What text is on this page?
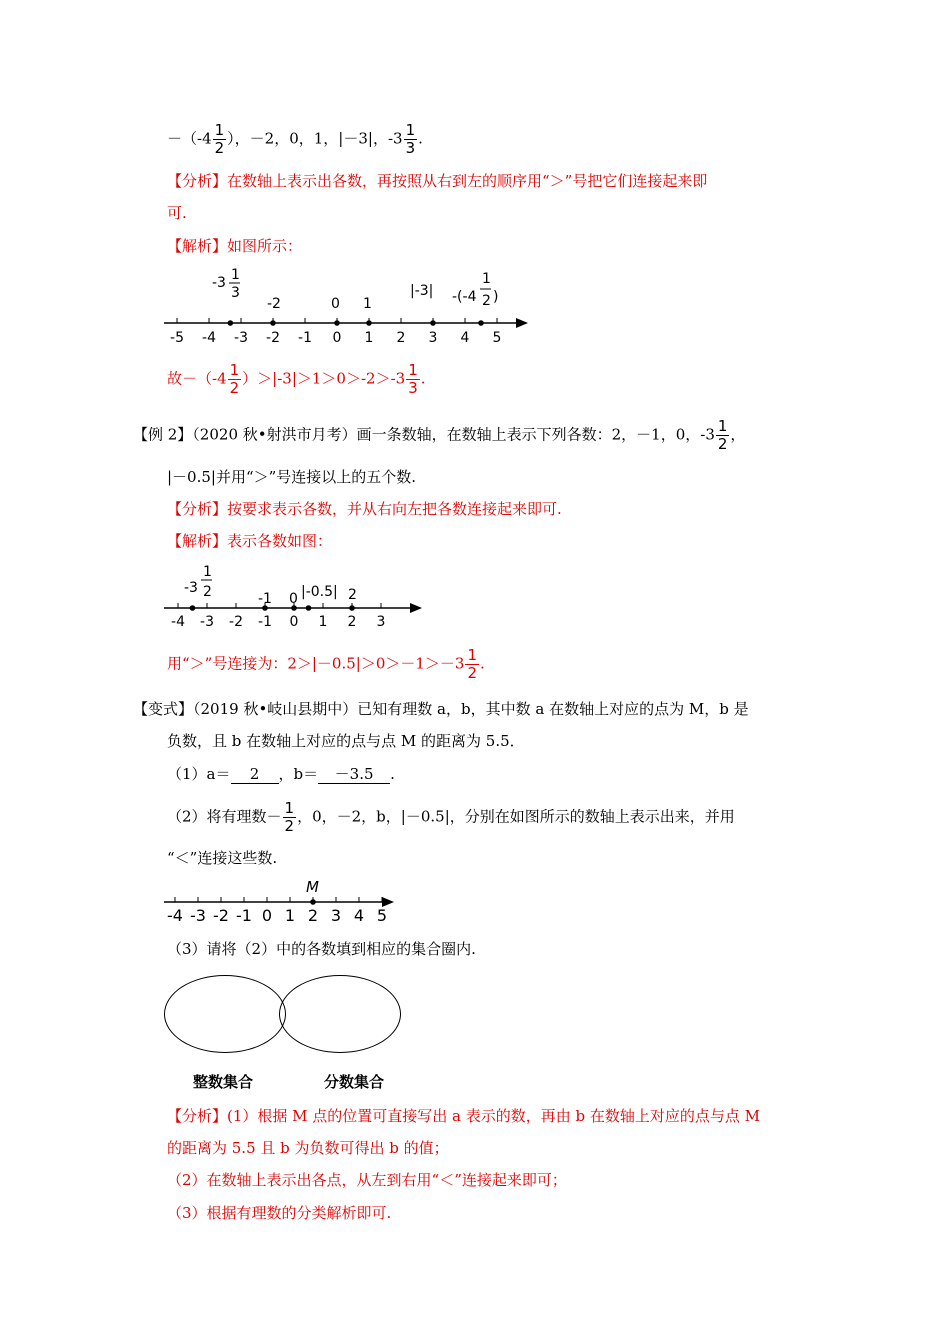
$-(-4 \frac{1}{2}$ ），－2，0，1，|－3|，$-3 \frac{1}{3}$ .
【分析】在数轴上表示出各数，再按照从右到左的顺序用“＞”号把它们连接起来即
可.
【解析】如图所示：
-5 -4 -3 -2 -1 0 1 2 3 4 5
-3 1
3
-2	0 1
|-3| -(-4
1
2 )
故$-(-4 \frac{1}{2} )>|-3|>1>0>-2>-3 \frac{1}{3}$ .
【例 2】（2020 秋•射洪市月考）画一条数轴，在数轴上表示下列各数：2，－1，0，$-3 \frac{1}{2}$ ，
|－0.5|并用“＞”号连接以上的五个数.
【分析】按要求表示各数，并从右向左把各数连接起来即可.
【解析】表示各数如图：
-4 -3 -2 -1 0 1 2 3
-3
1
2	-1 0 |-0.5| 2
用“＞”号连接为：$2>|-0.5|>0>-1>-3 \frac{1}{2}$ .
【变式】（2019 秋•岐山县期中）已知有理数 a，b，其中数 a 在数轴上对应的点为 M，b 是
负数，且 b 在数轴上对应的点与点 M 的距离为 5.5．
（1）a＝ 2 ，b＝ －3.5 .
（2）将有理数－ $\frac{1}{2}$ ，0，－2，b，|－0.5|，分别在如图所示的数轴上表示出来，并用
“＜”连接这些数.
-4 -3 -2 -1 0 1 2 3 4 5
M
（3）请将（2）中的各数填到相应的集合圈内.
整数集合	分数集合
【分析】(1）根据 M 点的位置可直接写出 a 表示的数，再由 b 在数轴上对应的点与点 M
的距离为 5.5 且 b 为负数可得出 b 的值；
（2）在数轴上表示出各点，从左到右用“＜”连接起来即可；
（3）根据有理数的分类解析即可.
